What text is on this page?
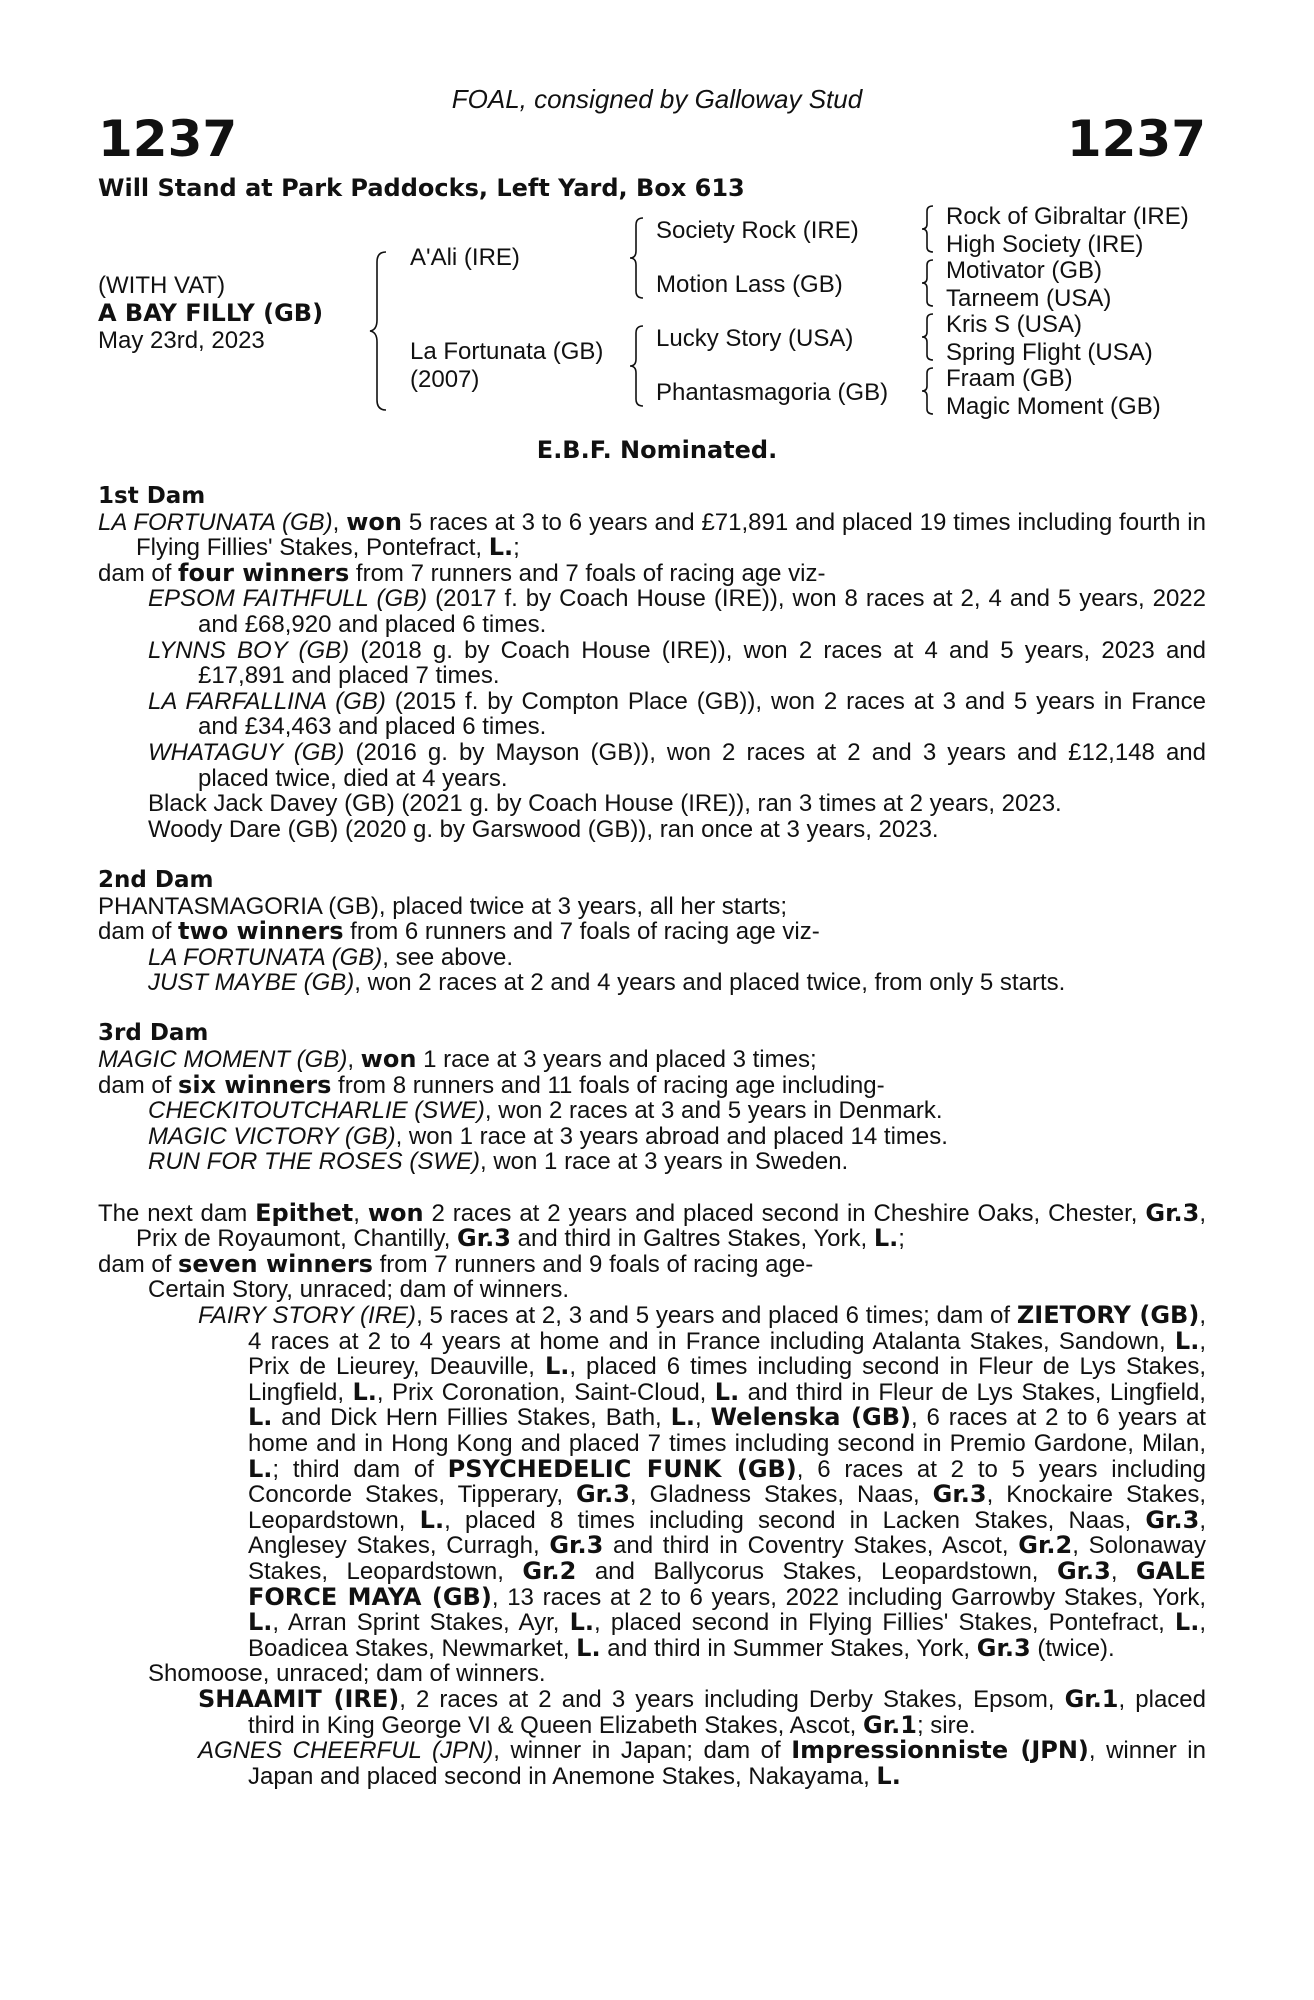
FOAL, consigned by Galloway Stud
1237	1237
Will Stand at Park Paddocks, Left Yard, Box 613
(WITH VAT)
A BAY FILLY (GB)
May 23rd, 2023
A'Ali (IRE)
La Fortunata (GB)
(2007)
Society Rock (IRE)
Motion Lass (GB)
Lucky Story (USA)
Phantasmagoria (GB)
Rock of Gibraltar (IRE)
High Society (IRE)
Motivator (GB)
Tarneem (USA)
Kris S (USA)
Spring Flight (USA)
Fraam (GB)
Magic Moment (GB)
E.B.F. Nominated.

1st Dam

LA FORTUNATA (GB), won 5 races at 3 to 6 years and £71,891 and placed 19 times including fourth in Flying Fillies' Stakes, Pontefract, L.;

dam of four winners from 7 runners and 7 foals of racing age viz-

EPSOM FAITHFULL (GB) (2017 f. by Coach House (IRE)), won 8 races at 2, 4 and 5 years, 2022 and £68,920 and placed 6 times.

LYNNS BOY (GB) (2018 g. by Coach House (IRE)), won 2 races at 4 and 5 years, 2023 and £17,891 and placed 7 times.

LA FARFALLINA (GB) (2015 f. by Compton Place (GB)), won 2 races at 3 and 5 years in France and £34,463 and placed 6 times.

WHATAGUY (GB) (2016 g. by Mayson (GB)), won 2 races at 2 and 3 years and £12,148 and placed twice, died at 4 years.

Black Jack Davey (GB) (2021 g. by Coach House (IRE)), ran 3 times at 2 years, 2023.

Woody Dare (GB) (2020 g. by Garswood (GB)), ran once at 3 years, 2023.

2nd Dam

PHANTASMAGORIA (GB), placed twice at 3 years, all her starts;

dam of two winners from 6 runners and 7 foals of racing age viz-

LA FORTUNATA (GB), see above.

JUST MAYBE (GB), won 2 races at 2 and 4 years and placed twice, from only 5 starts.

3rd Dam

MAGIC MOMENT (GB), won 1 race at 3 years and placed 3 times;

dam of six winners from 8 runners and 11 foals of racing age including-

CHECKITOUTCHARLIE (SWE), won 2 races at 3 and 5 years in Denmark.

MAGIC VICTORY (GB), won 1 race at 3 years abroad and placed 14 times.

RUN FOR THE ROSES (SWE), won 1 race at 3 years in Sweden.

The next dam Epithet, won 2 races at 2 years and placed second in Cheshire Oaks, Chester, Gr.3, Prix de Royaumont, Chantilly, Gr.3 and third in Galtres Stakes, York, L.;

dam of seven winners from 7 runners and 9 foals of racing age-

Certain Story, unraced; dam of winners.

FAIRY STORY (IRE), 5 races at 2, 3 and 5 years and placed 6 times; dam of ZIETORY (GB), 4 races at 2 to 4 years at home and in France including Atalanta Stakes, Sandown, L., Prix de Lieurey, Deauville, L., placed 6 times including second in Fleur de Lys Stakes, Lingfield, L., Prix Coronation, Saint-Cloud, L. and third in Fleur de Lys Stakes, Lingfield, L. and Dick Hern Fillies Stakes, Bath, L., Welenska (GB), 6 races at 2 to 6 years at home and in Hong Kong and placed 7 times including second in Premio Gardone, Milan, L.; third dam of PSYCHEDELIC FUNK (GB), 6 races at 2 to 5 years including Concorde Stakes, Tipperary, Gr.3, Gladness Stakes, Naas, Gr.3, Knockaire Stakes, Leopardstown, L., placed 8 times including second in Lacken Stakes, Naas, Gr.3, Anglesey Stakes, Curragh, Gr.3 and third in Coventry Stakes, Ascot, Gr.2, Solonaway Stakes, Leopardstown, Gr.2 and Ballycorus Stakes, Leopardstown, Gr.3, GALE FORCE MAYA (GB), 13 races at 2 to 6 years, 2022 including Garrowby Stakes, York, L., Arran Sprint Stakes, Ayr, L., placed second in Flying Fillies' Stakes, Pontefract, L., Boadicea Stakes, Newmarket, L. and third in Summer Stakes, York, Gr.3 (twice).

Shomoose, unraced; dam of winners.

SHAAMIT (IRE), 2 races at 2 and 3 years including Derby Stakes, Epsom, Gr.1, placed third in King George VI & Queen Elizabeth Stakes, Ascot, Gr.1; sire.

AGNES CHEERFUL (JPN), winner in Japan; dam of Impressionniste (JPN), winner in Japan and placed second in Anemone Stakes, Nakayama, L.
